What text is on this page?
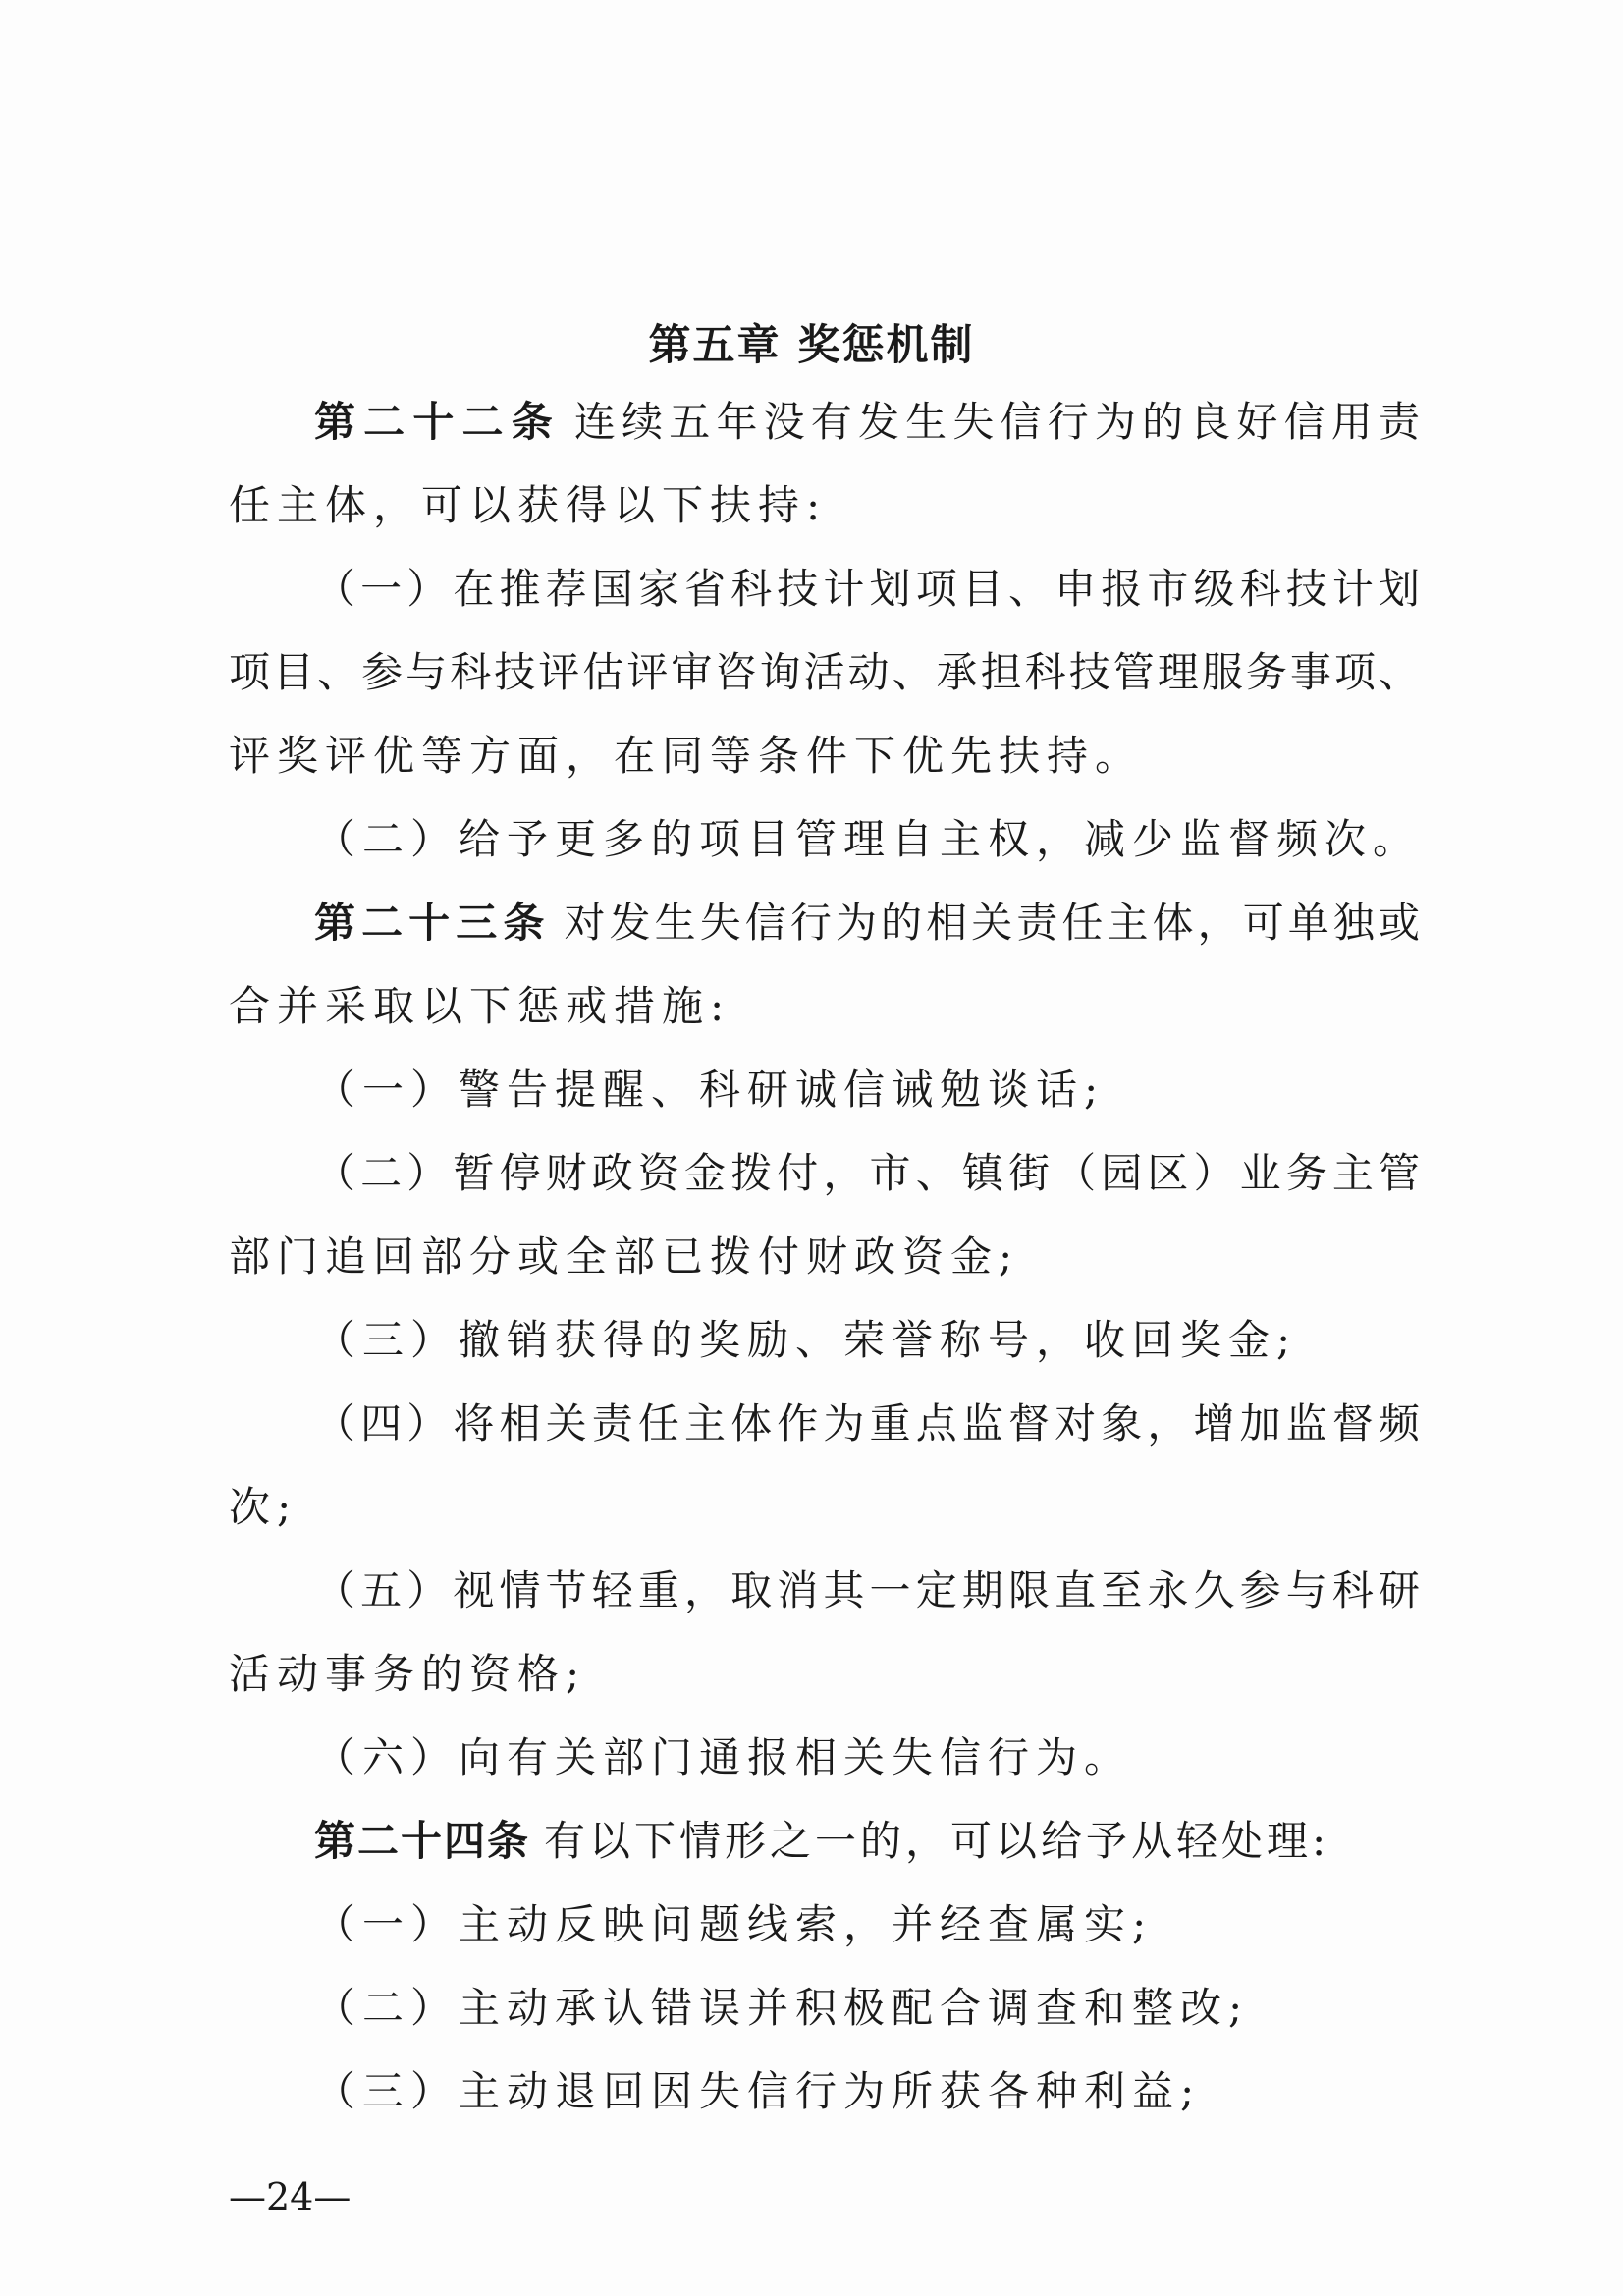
第五章 奖惩机制
第二十二条 连续五年没有发生失信行为的良好信用责
任主体，可以获得以下扶持:
（一）在推荐国家省科技计划项目、申报市级科技计划
项目、参与科技评估评审咨询活动、承担科技管理服务事项、
评奖评优等方面，在同等条件下优先扶持。
（二）给予更多的项目管理自主权，减少监督频次。
第二十三条 对发生失信行为的相关责任主体，可单独或
合并采取以下惩戒措施:
（一）警告提醒、科研诚信诫勉谈话;
（二）暂停财政资金拨付，市、镇街（园区）业务主管
部门追回部分或全部已拨付财政资金;
（三）撤销获得的奖励、荣誉称号，收回奖金;
（四）将相关责任主体作为重点监督对象，增加监督频
次;
（五）视情节轻重，取消其一定期限直至永久参与科研
活动事务的资格;
（六）向有关部门通报相关失信行为。
第二十四条 有以下情形之一的，可以给予从轻处理:
（一）主动反映问题线索，并经查属实;
（二）主动承认错误并积极配合调查和整改;
（三）主动退回因失信行为所获各种利益;
—24—
